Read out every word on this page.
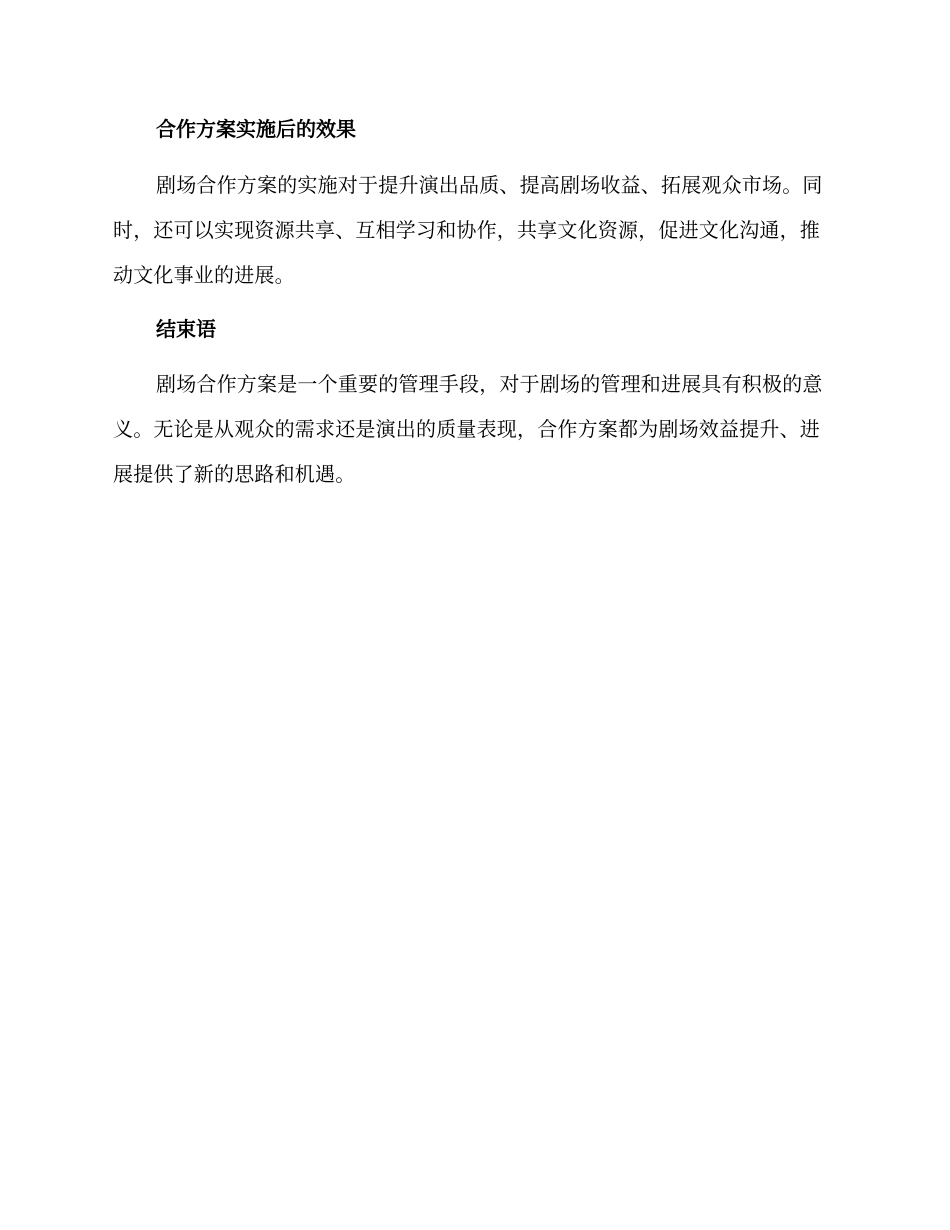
合作方案实施后的效果

剧场合作方案的实施对于提升演出品质、提高剧场收益、拓展观众市场。同时，还可以实现资源共享、互相学习和协作，共享文化资源，促进文化沟通，推动文化事业的进展。

结束语

剧场合作方案是一个重要的管理手段，对于剧场的管理和进展具有积极的意义。无论是从观众的需求还是演出的质量表现，合作方案都为剧场效益提升、进展提供了新的思路和机遇。
